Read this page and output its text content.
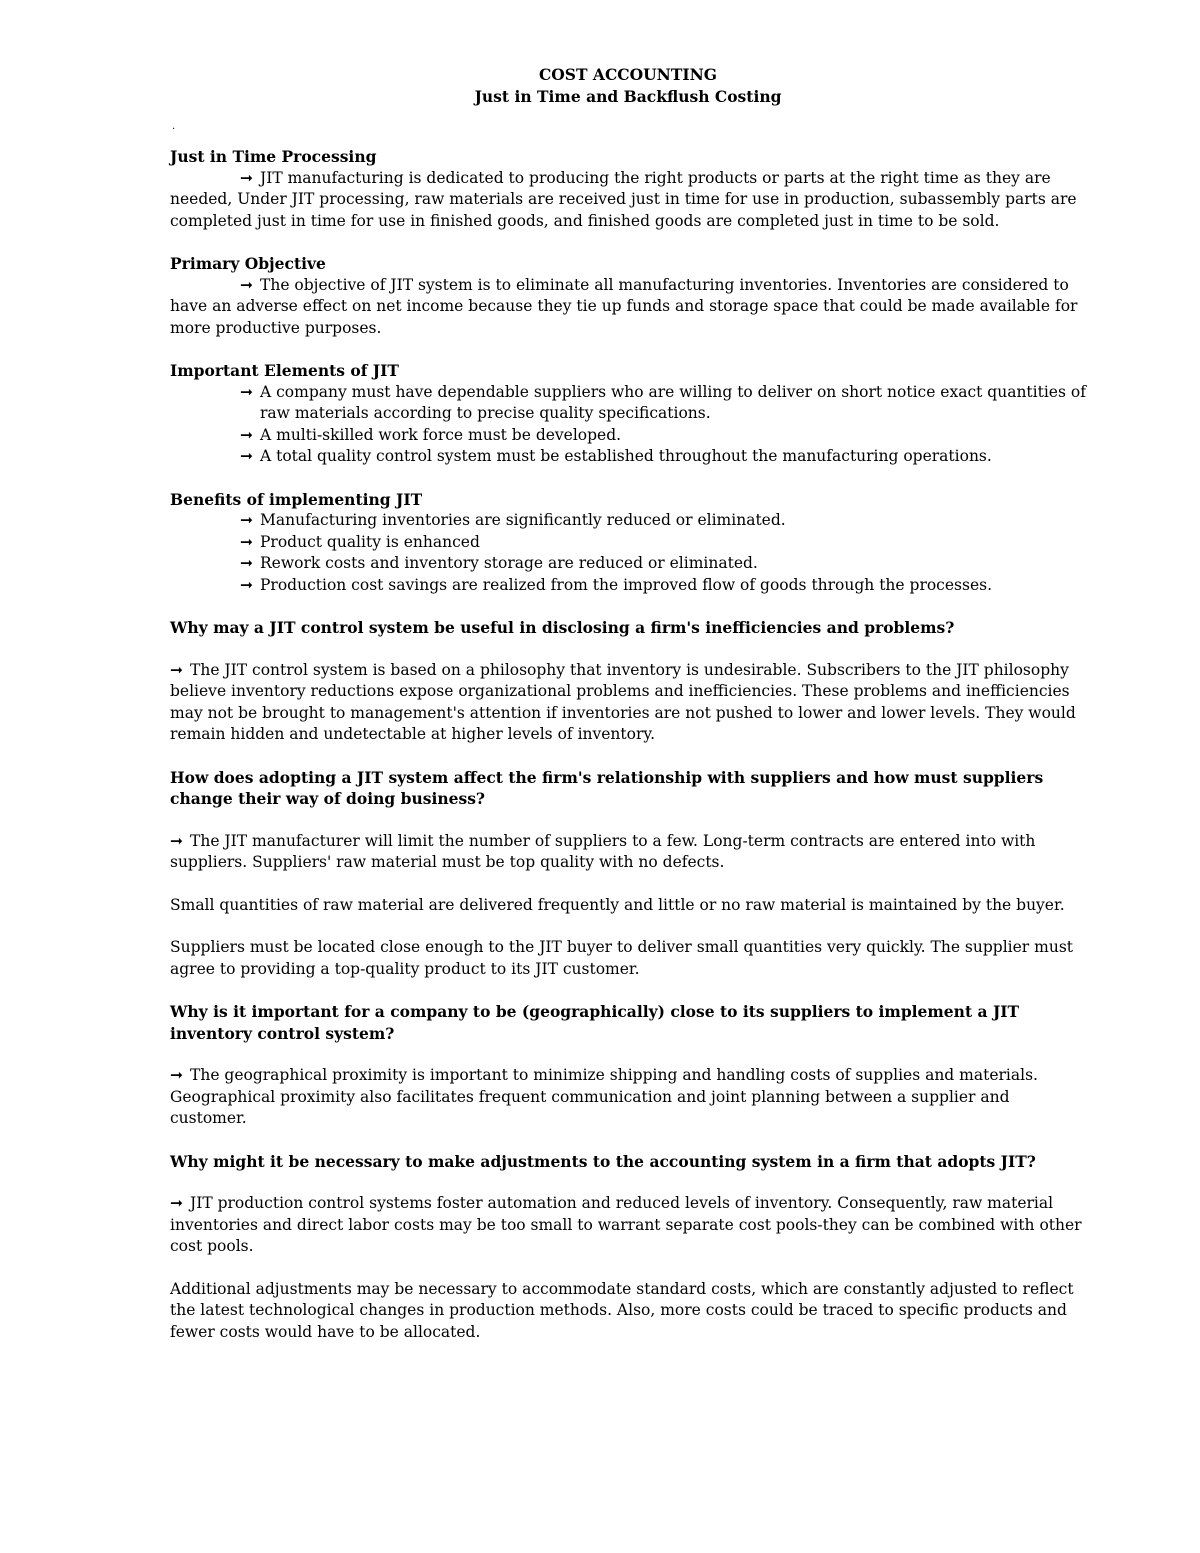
COST ACCOUNTING
Just in Time and Backflush Costing
.

Just in Time Processing

➞ JIT manufacturing is dedicated to producing the right products or parts at the right time as they are needed, Under JIT processing, raw materials are received just in time for use in production, subassembly parts are completed just in time for use in finished goods, and finished goods are completed just in time to be sold.

Primary Objective

➞ The objective of JIT system is to eliminate all manufacturing inventories. Inventories are considered to have an adverse effect on net income because they tie up funds and storage space that could be made available for more productive purposes.

Important Elements of JIT

➞ A company must have dependable suppliers who are willing to deliver on short notice exact quantities of raw materials according to precise quality specifications.
➞ A multi-skilled work force must be developed.
➞ A total quality control system must be established throughout the manufacturing operations.

Benefits of implementing JIT

➞ Manufacturing inventories are significantly reduced or eliminated.
➞ Product quality is enhanced
➞ Rework costs and inventory storage are reduced or eliminated.
➞ Production cost savings are realized from the improved flow of goods through the processes.

Why may a JIT control system be useful in disclosing a firm's inefficiencies and problems?

➞ The JIT control system is based on a philosophy that inventory is undesirable. Subscribers to the JIT philosophy believe inventory reductions expose organizational problems and inefficiencies. These problems and inefficiencies may not be brought to management's attention if inventories are not pushed to lower and lower levels. They would remain hidden and undetectable at higher levels of inventory.

How does adopting a JIT system affect the firm's relationship with suppliers and how must suppliers change their way of doing business?

➞ The JIT manufacturer will limit the number of suppliers to a few. Long-term contracts are entered into with suppliers. Suppliers' raw material must be top quality with no defects.

Small quantities of raw material are delivered frequently and little or no raw material is maintained by the buyer.

Suppliers must be located close enough to the JIT buyer to deliver small quantities very quickly. The supplier must agree to providing a top-quality product to its JIT customer.

Why is it important for a company to be (geographically) close to its suppliers to implement a JIT inventory control system?

➞ The geographical proximity is important to minimize shipping and handling costs of supplies and materials. Geographical proximity also facilitates frequent communication and joint planning between a supplier and customer.

Why might it be necessary to make adjustments to the accounting system in a firm that adopts JIT?

➞ JIT production control systems foster automation and reduced levels of inventory. Consequently, raw material inventories and direct labor costs may be too small to warrant separate cost pools-they can be combined with other cost pools.

Additional adjustments may be necessary to accommodate standard costs, which are constantly adjusted to reflect the latest technological changes in production methods. Also, more costs could be traced to specific products and fewer costs would have to be allocated.
